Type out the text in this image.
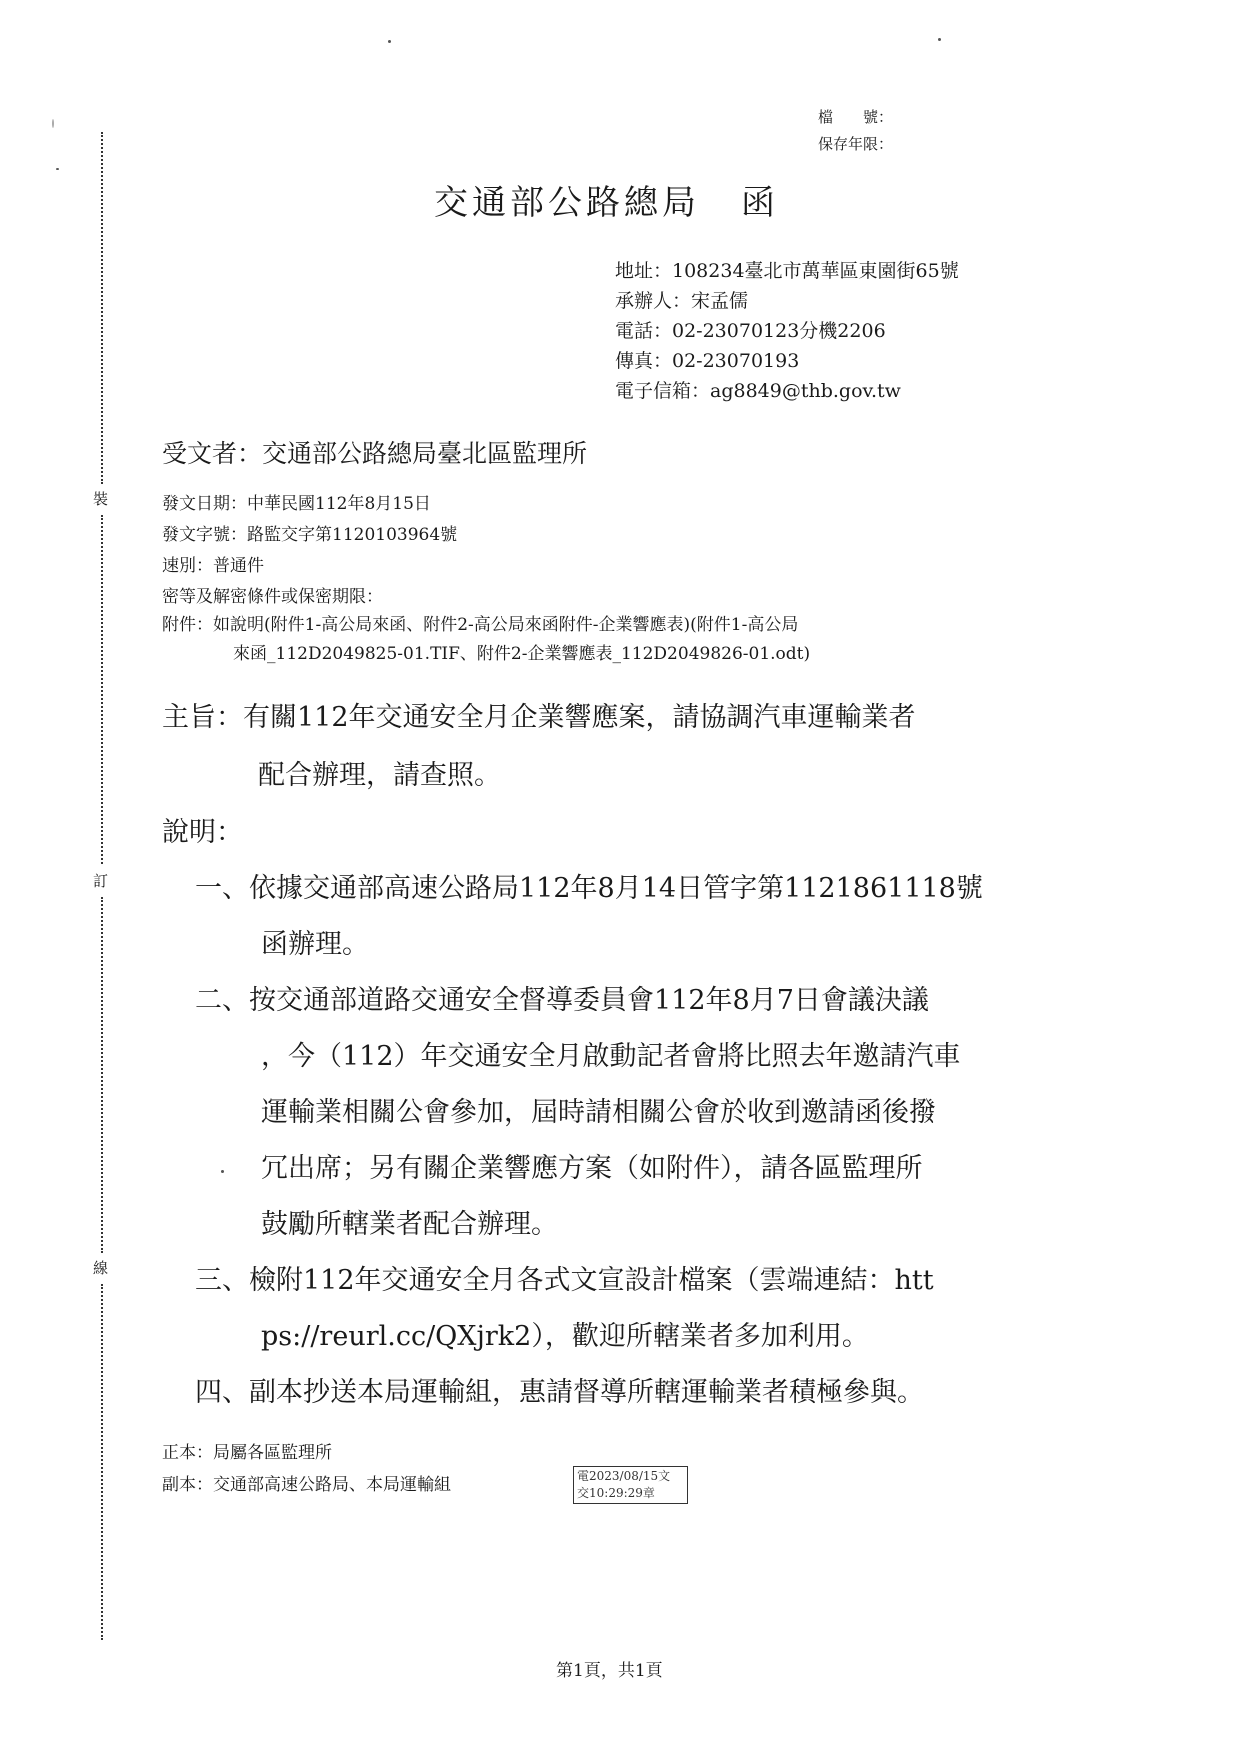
裝
訂
線
檔　　號：
保存年限：
交通部公路總局 函
地址：108234臺北市萬華區東園街65號
承辦人：宋孟儒
電話：02-23070123分機2206
傳真：02-23070193
電子信箱：ag8849@thb.gov.tw
受文者：交通部公路總局臺北區監理所
發文日期：中華民國112年8月15日
發文字號：路監交字第1120103964號
速別：普通件
密等及解密條件或保密期限：
附件：如說明(附件1-高公局來函、附件2-高公局來函附件-企業響應表)(附件1-高公局
來函_112D2049825-01.TIF、附件2-企業響應表_112D2049826-01.odt)
主旨：有關112年交通安全月企業響應案，請協調汽車運輸業者
配合辦理，請查照。
說明：
一、依據交通部高速公路局112年8月14日管字第1121861118號
函辦理。
二、按交通部道路交通安全督導委員會112年8月7日會議決議
，今（112）年交通安全月啟動記者會將比照去年邀請汽車
運輸業相關公會參加，屆時請相關公會於收到邀請函後撥
冗出席；另有關企業響應方案（如附件），請各區監理所
鼓勵所轄業者配合辦理。
三、檢附112年交通安全月各式文宣設計檔案（雲端連結：htt
ps://reurl.cc/QXjrk2），歡迎所轄業者多加利用。
四、副本抄送本局運輸組，惠請督導所轄運輸業者積極參與。
正本：局屬各區監理所
副本：交通部高速公路局、本局運輸組	電2023/08/15文
交10:29:29章
第1頁，共1頁
